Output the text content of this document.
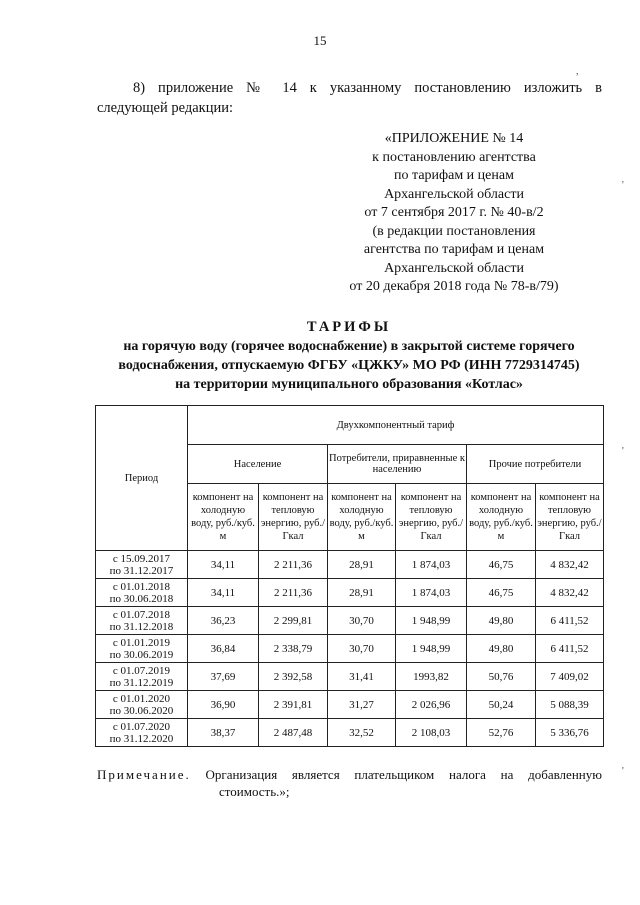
15
8) приложение № 14 к указанному постановлению изложить в
следующей редакции:
«ПРИЛОЖЕНИЕ № 14
к постановлению агентства
по тарифам и ценам
Архангельской области
от 7 сентября 2017 г. № 40-в/2
(в редакции постановления
агентства по тарифам и ценам
Архангельской области
от 20 декабря 2018 года № 78-в/79)
ТАРИФЫ
на горячую воду (горячее водоснабжение) в закрытой системе горячего
водоснабжения, отпускаемую ФГБУ «ЦЖКУ» МО РФ (ИНН 7729314745)
на территории муниципального образования «Котлас»
Период	Двухкомпонентный тариф					
	Население		Потребители, приравненные к населению		Прочие потребители	
	компонент на холодную воду, руб./куб. м	компонент на тепловую энергию, руб./Гкал	компонент на холодную воду, руб./куб. м	компонент на тепловую энергию, руб./Гкал	компонент на холодную воду, руб./куб. м	компонент на тепловую энергию, руб./Гкал
с 15.09.2017
по 31.12.2017	34,11	2 211,36	28,91	1 874,03	46,75	4 832,42
с 01.01.2018
по 30.06.2018	34,11	2 211,36	28,91	1 874,03	46,75	4 832,42
с 01.07.2018
по 31.12.2018	36,23	2 299,81	30,70	1 948,99	49,80	6 411,52
с 01.01.2019
по 30.06.2019	36,84	2 338,79	30,70	1 948,99	49,80	6 411,52
с 01.07.2019
по 31.12.2019	37,69	2 392,58	31,41	1993,82	50,76	7 409,02
с 01.01.2020
по 30.06.2020	36,90	2 391,81	31,27	2 026,96	50,24	5 088,39
с 01.07.2020
по 31.12.2020	38,37	2 487,48	32,52	2 108,03	52,76	5 336,76
Примечание. Организация является плательщиком налога на добавленную
стоимость.»;
,
'
'
'
